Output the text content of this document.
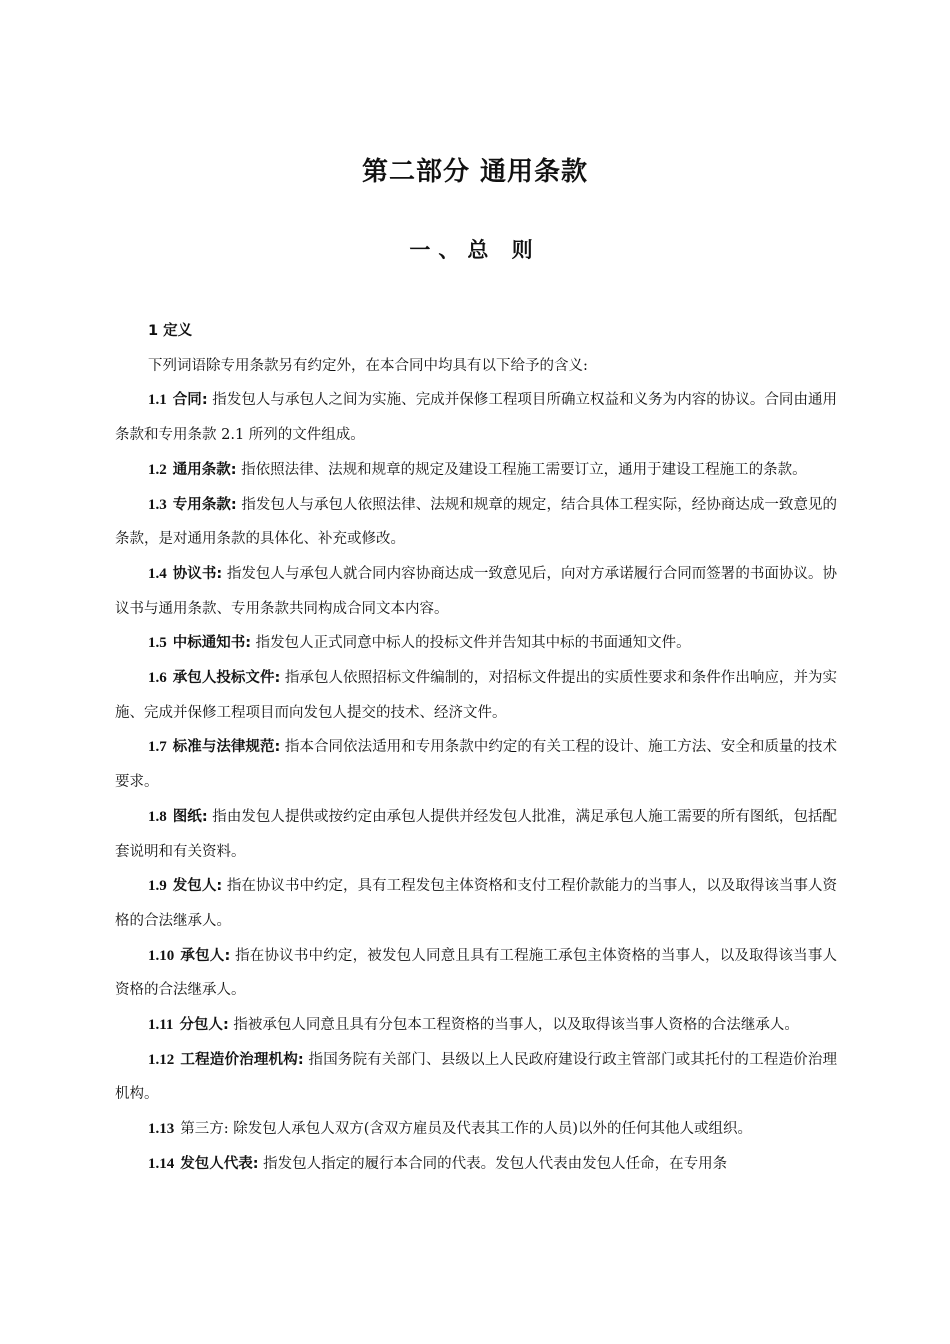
第二部分 通用条款
一、总 则

1 定义

下列词语除专用条款另有约定外，在本合同中均具有以下给予的含义:

1.1 合同: 指发包人与承包人之间为实施、完成并保修工程项目所确立权益和义务为内容的协议。合同由通用条款和专用条款 2.1 所列的文件组成。

1.2 通用条款: 指依照法律、法规和规章的规定及建设工程施工需要订立，通用于建设工程施工的条款。

1.3 专用条款: 指发包人与承包人依照法律、法规和规章的规定，结合具体工程实际，经协商达成一致意见的条款，是对通用条款的具体化、补充或修改。

1.4 协议书: 指发包人与承包人就合同内容协商达成一致意见后，向对方承诺履行合同而签署的书面协议。协议书与通用条款、专用条款共同构成合同文本内容。

1.5 中标通知书: 指发包人正式同意中标人的投标文件并告知其中标的书面通知文件。

1.6 承包人投标文件: 指承包人依照招标文件编制的，对招标文件提出的实质性要求和条件作出响应，并为实施、完成并保修工程项目而向发包人提交的技术、经济文件。

1.7 标准与法律规范: 指本合同依法适用和专用条款中约定的有关工程的设计、施工方法、安全和质量的技术要求。

1.8 图纸: 指由发包人提供或按约定由承包人提供并经发包人批准，满足承包人施工需要的所有图纸，包括配套说明和有关资料。

1.9 发包人: 指在协议书中约定，具有工程发包主体资格和支付工程价款能力的当事人，以及取得该当事人资格的合法继承人。

1.10 承包人: 指在协议书中约定，被发包人同意且具有工程施工承包主体资格的当事人，以及取得该当事人资格的合法继承人。

1.11 分包人: 指被承包人同意且具有分包本工程资格的当事人，以及取得该当事人资格的合法继承人。

1.12 工程造价治理机构: 指国务院有关部门、县级以上人民政府建设行政主管部门或其托付的工程造价治理机构。

1.13 第三方: 除发包人承包人双方(含双方雇员及代表其工作的人员)以外的任何其他人或组织。

1.14 发包人代表: 指发包人指定的履行本合同的代表。发包人代表由发包人任命，在专用条
